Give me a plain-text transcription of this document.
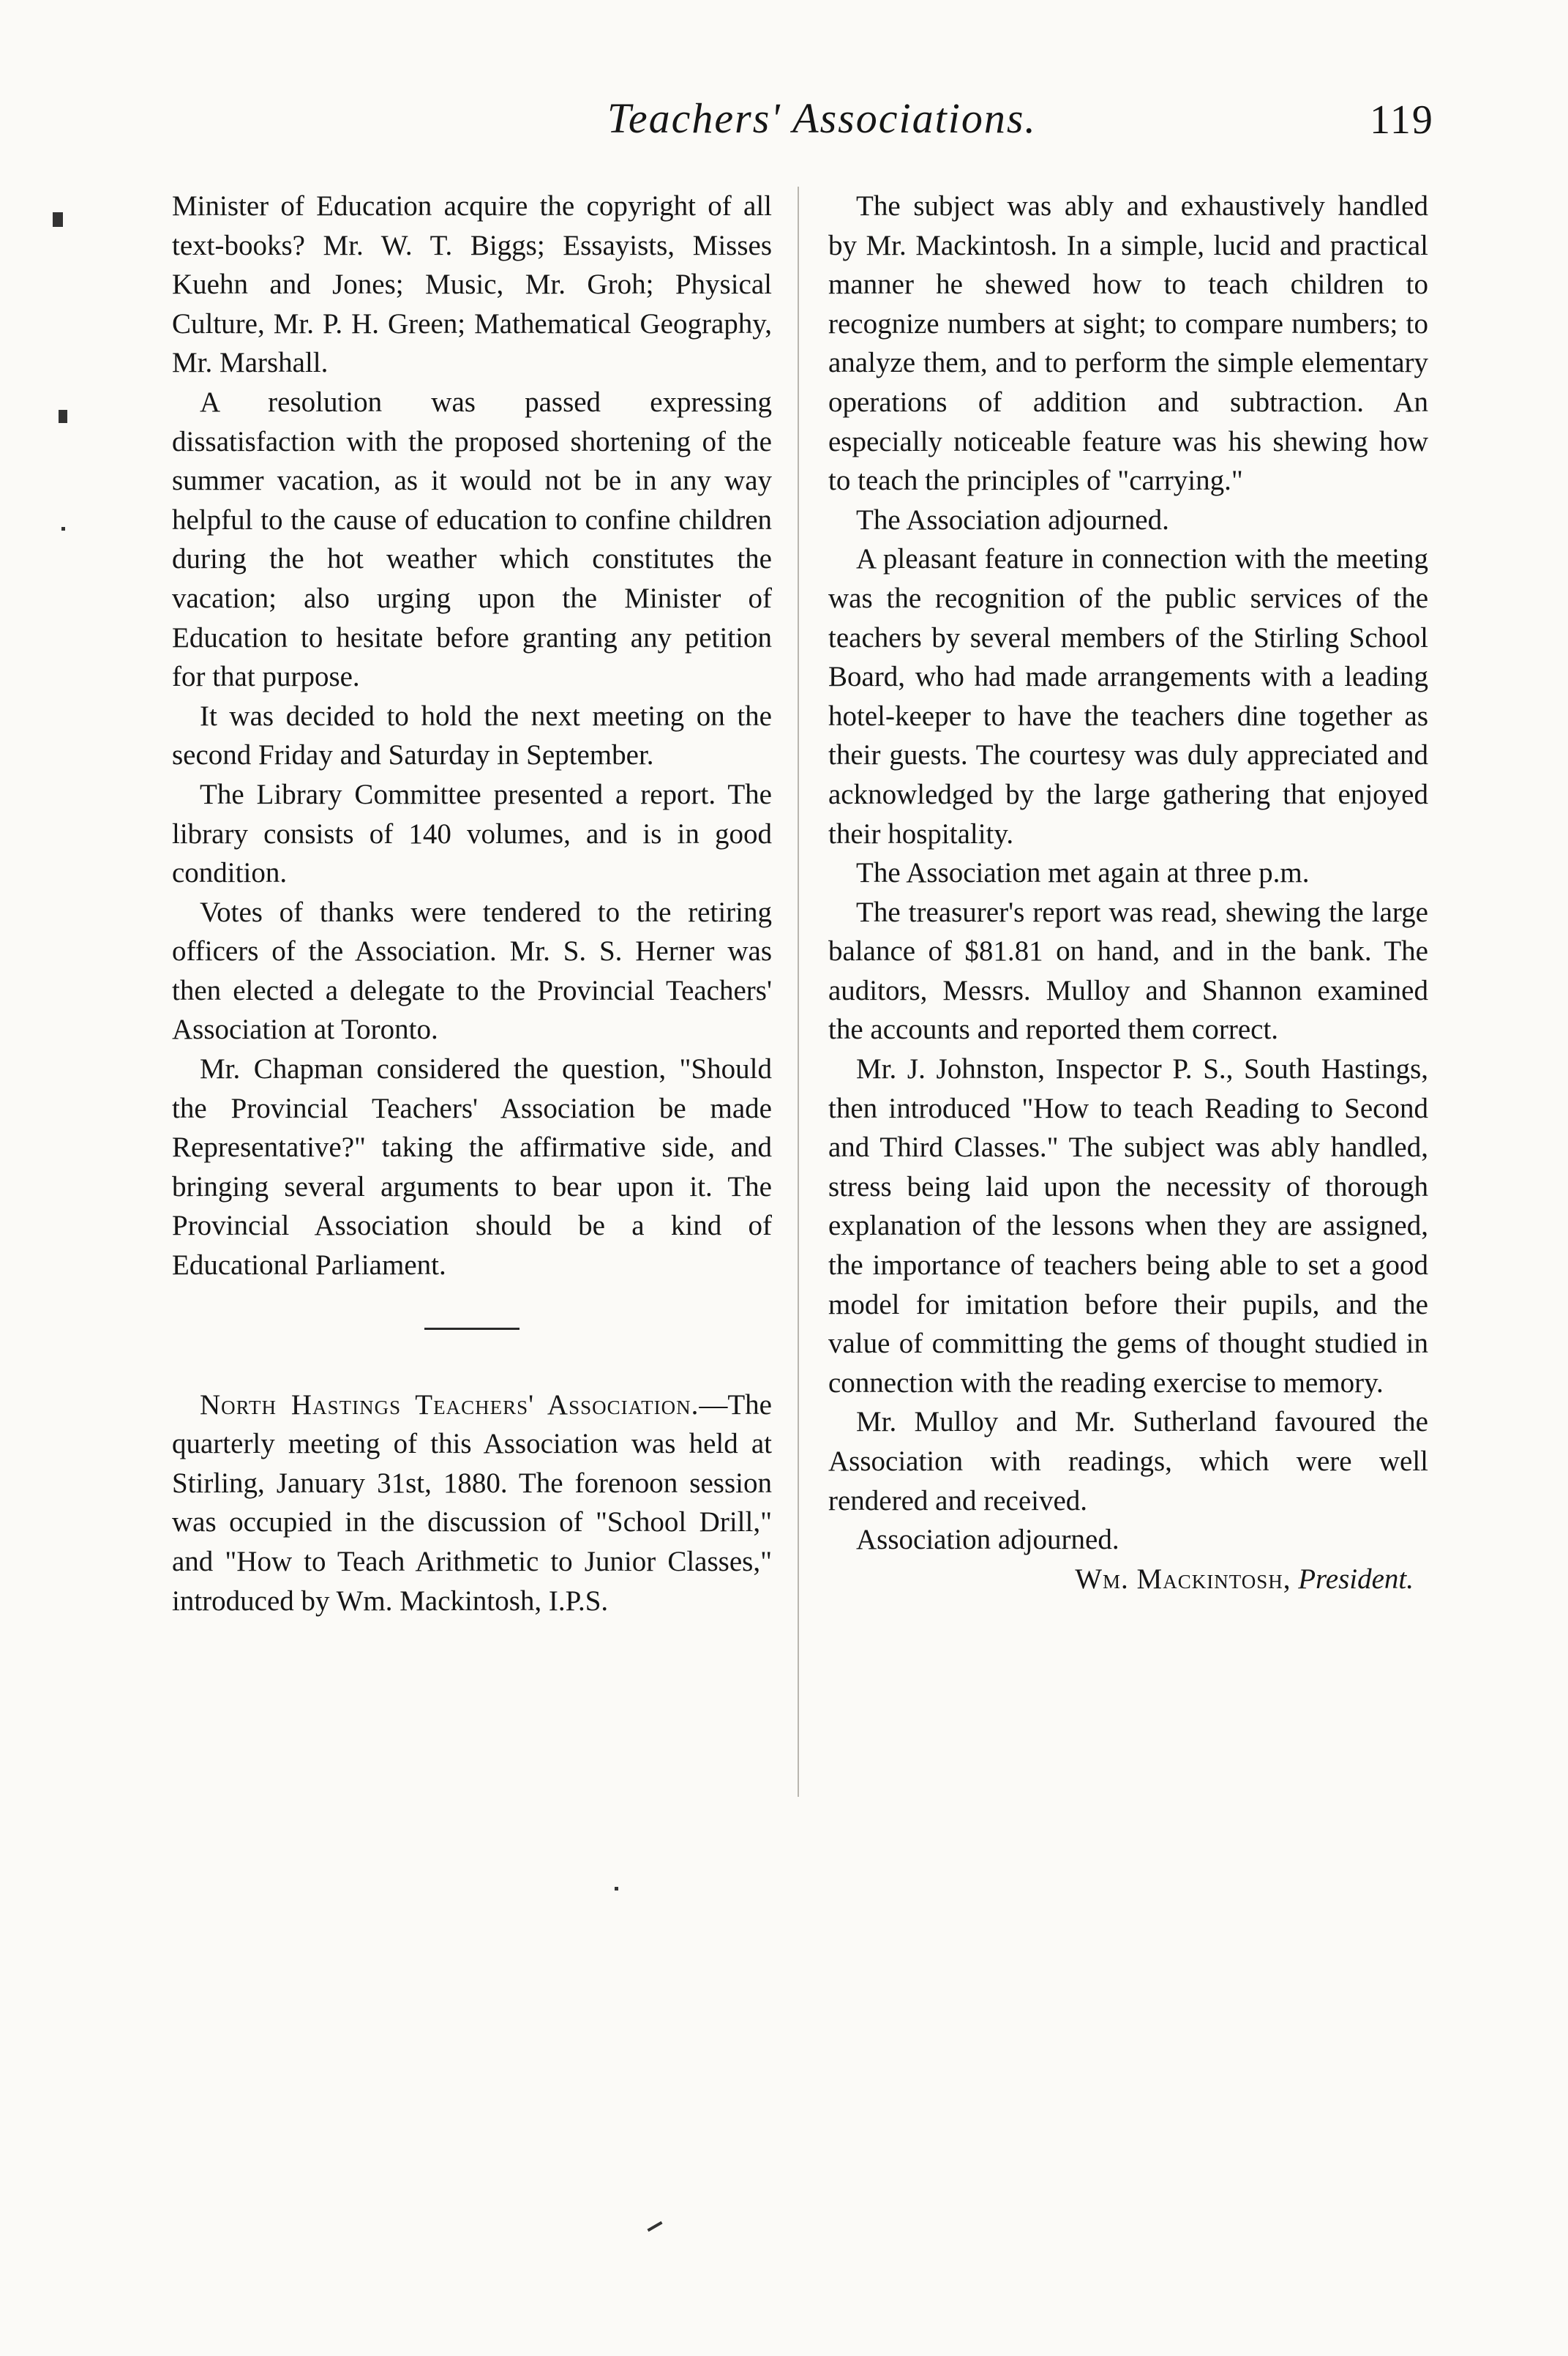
Teachers' Associations.	119

Minister of Education acquire the copyright of all text-books? Mr. W. T. Biggs; Essayists, Misses Kuehn and Jones; Music, Mr. Groh; Physical Culture, Mr. P. H. Green; Mathematical Geography, Mr. Marshall.

A resolution was passed expressing dissatisfaction with the proposed shortening of the summer vacation, as it would not be in any way helpful to the cause of education to confine children during the hot weather which constitutes the vacation; also urging upon the Minister of Education to hesitate before granting any petition for that purpose.

It was decided to hold the next meeting on the second Friday and Saturday in September.

The Library Committee presented a report. The library consists of 140 volumes, and is in good condition.

Votes of thanks were tendered to the retiring officers of the Association. Mr. S. S. Herner was then elected a delegate to the Provincial Teachers' Association at Toronto.

Mr. Chapman considered the question, "Should the Provincial Teachers' Association be made Representative?" taking the affirmative side, and bringing several arguments to bear upon it. The Provincial Association should be a kind of Educational Parliament.

North Hastings Teachers' Association.—The quarterly meeting of this Association was held at Stirling, January 31st, 1880. The forenoon session was occupied in the discussion of "School Drill," and "How to Teach Arithmetic to Junior Classes," introduced by Wm. Mackintosh, I.P.S.

The subject was ably and exhaustively handled by Mr. Mackintosh. In a simple, lucid and practical manner he shewed how to teach children to recognize numbers at sight; to compare numbers; to analyze them, and to perform the simple elementary operations of addition and subtraction. An especially noticeable feature was his shewing how to teach the principles of "carrying."

The Association adjourned.

A pleasant feature in connection with the meeting was the recognition of the public services of the teachers by several members of the Stirling School Board, who had made arrangements with a leading hotel-keeper to have the teachers dine together as their guests. The courtesy was duly appreciated and acknowledged by the large gathering that enjoyed their hospitality.

The Association met again at three p.m.

The treasurer's report was read, shewing the large balance of $81.81 on hand, and in the bank. The auditors, Messrs. Mulloy and Shannon examined the accounts and reported them correct.

Mr. J. Johnston, Inspector P. S., South Hastings, then introduced "How to teach Reading to Second and Third Classes." The subject was ably handled, stress being laid upon the necessity of thorough explanation of the lessons when they are assigned, the importance of teachers being able to set a good model for imitation before their pupils, and the value of committing the gems of thought studied in connection with the reading exercise to memory.

Mr. Mulloy and Mr. Sutherland favoured the Association with readings, which were well rendered and received.

Association adjourned.

Wm. Mackintosh, President.
